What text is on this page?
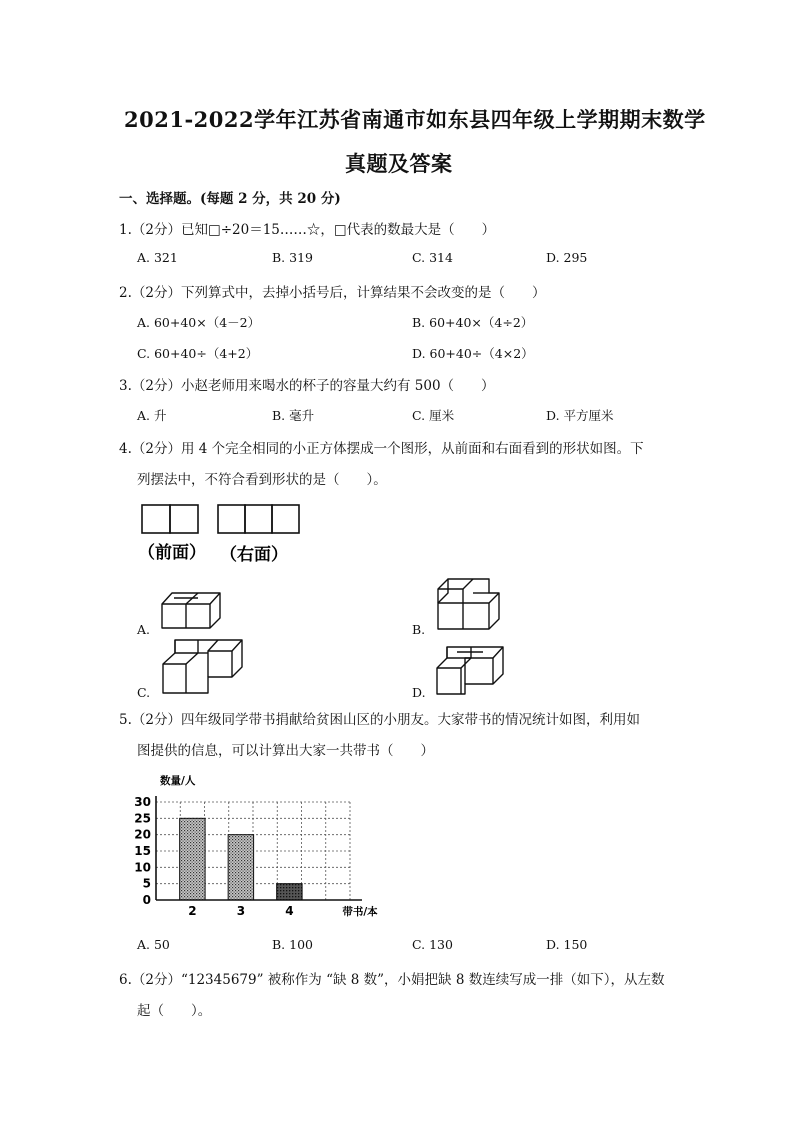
2021-2022学年江苏省南通市如东县四年级上学期期末数学
真题及答案
一、选择题。(每题 2 分，共 20 分)
1.（2分）已知□÷20＝15……☆，□代表的数最大是（　　）
A. 321	B. 319	C. 314	D. 295
2.（2分）下列算式中，去掉小括号后，计算结果不会改变的是（　　）
A. 60+40×（4－2）	B. 60+40×（4÷2）
C. 60+40÷（4+2）	D. 60+40÷（4×2）
3.（2分）小赵老师用来喝水的杯子的容量大约有 500（　　）
A. 升	B. 毫升	C. 厘米	D. 平方厘米
4.（2分）用 4 个完全相同的小正方体摆成一个图形，从前面和右面看到的形状如图。下
列摆法中，不符合看到形状的是（　　）。
（前面） （右面）
A.	B.
C.	D.
5.（2分）四年级同学带书捐献给贫困山区的小朋友。大家带书的情况统计如图，利用如
图提供的信息，可以计算出大家一共带书（　　）
0
5
10
15
20
25
30
2	3	4
数量/人
带书/本
A. 50	B. 100	C. 130	D. 150
6.（2分）“12345679” 被称作为 “缺 8 数”，小娟把缺 8 数连续写成一排（如下），从左数
起（　　）。
